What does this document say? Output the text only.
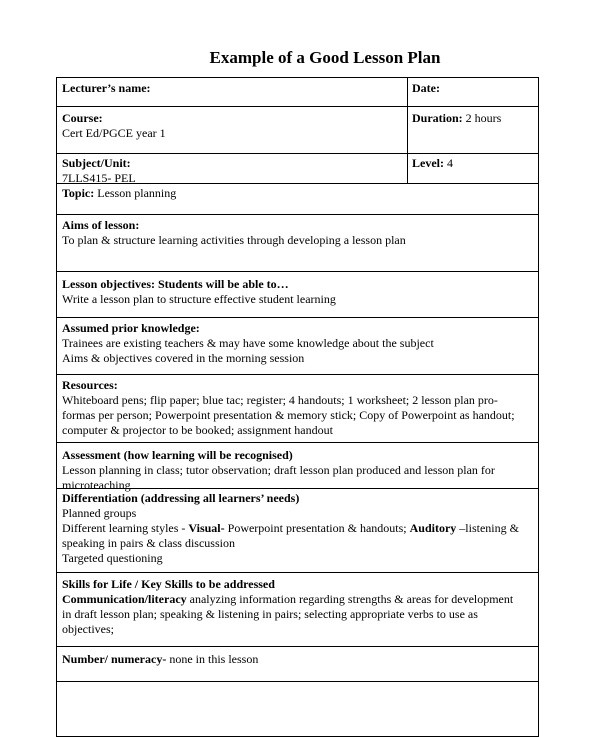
Example of a Good Lesson Plan
Lecturer’s name:	Date:
Course:
Cert Ed/PGCE year 1
Duration: 2 hours
Subject/Unit:
7LLS415- PEL
Level: 4
Topic: Lesson planning
Aims of lesson:
To plan & structure learning activities through developing a lesson plan
Lesson objectives: Students will be able to…
Write a lesson plan to structure effective student learning
Assumed prior knowledge:
Trainees are existing teachers & may have some knowledge about the subject
Aims & objectives covered in the morning session
Resources:
Whiteboard pens; flip paper; blue tac; register; 4 handouts; 1 worksheet; 2 lesson plan pro-
formas per person; Powerpoint presentation & memory stick; Copy of Powerpoint as handout;
computer & projector to be booked; assignment handout
Assessment (how learning will be recognised)
Lesson planning in class; tutor observation; draft lesson plan produced and lesson plan for
microteaching
Differentiation (addressing all learners’ needs)
Planned groups
Different learning styles - Visual- Powerpoint presentation & handouts; Auditory –listening &
speaking in pairs & class discussion
Targeted questioning
Skills for Life / Key Skills to be addressed
Communication/literacy analyzing information regarding strengths & areas for development
in draft lesson plan; speaking & listening in pairs; selecting appropriate verbs to use as
objectives;
Number/ numeracy- none in this lesson
